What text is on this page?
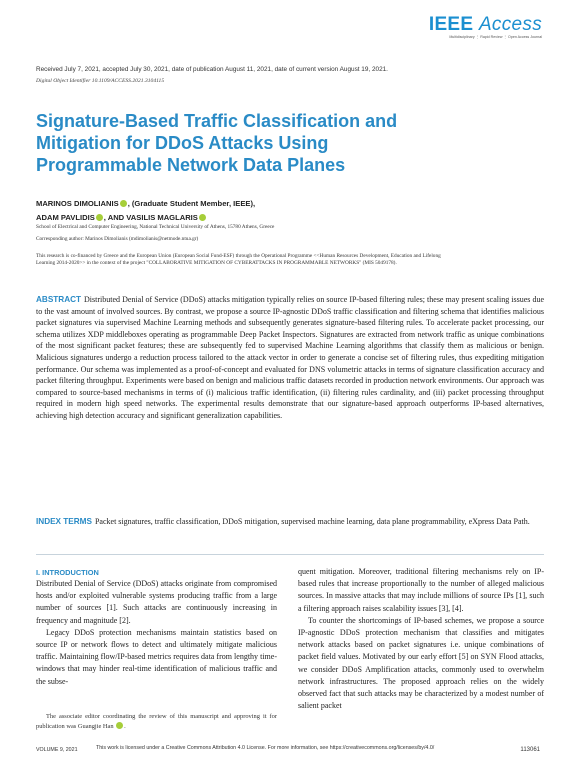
IEEE Access
Multidisciplinary ⋮ Rapid Review ⋮ Open Access Journal
Received July 7, 2021, accepted July 30, 2021, date of publication August 11, 2021, date of current version August 19, 2021.
Digital Object Identifier 10.1109/ACCESS.2021.3104115
Signature-Based Traffic Classification and Mitigation for DDoS Attacks Using Programmable Network Data Planes
MARINOS DIMOLIANIS , (Graduate Student Member, IEEE),
ADAM PAVLIDIS , AND VASILIS MAGLARIS
School of Electrical and Computer Engineering, National Technical University of Athens, 15780 Athens, Greece
Corresponding author: Marinos Dimolianis (mdimolianis@netmode.ntua.gr)
This research is co-financed by Greece and the European Union (European Social Fund-ESF) through the Operational Programme <<Human Resources Development, Education and Lifelong Learning 2014-2020>> in the context of the project "COLLABORATIVE MITIGATION OF CYBERATTACKS IN PROGRAMMABLE NETWORKS" (MIS 5049178).
ABSTRACT Distributed Denial of Service (DDoS) attacks mitigation typically relies on source IP-based filtering rules; these may present scaling issues due to the vast amount of involved sources. By contrast, we propose a source IP-agnostic DDoS traffic classification and filtering schema that identifies malicious packet signatures via supervised Machine Learning methods and subsequently generates signature-based filtering rules. To accelerate packet processing, our schema utilizes XDP middleboxes operating as programmable Deep Packet Inspectors. Signatures are extracted from network traffic as unique combinations of the most significant packet features; these are subsequently fed to supervised Machine Learning algorithms that classify them as malicious or benign. Malicious signatures undergo a reduction process tailored to the attack vector in order to generate a concise set of filtering rules, thus expediting mitigation performance. Our schema was implemented as a proof-of-concept and evaluated for DNS volumetric attacks in terms of signature classification accuracy and packet filtering throughput. Experiments were based on benign and malicious traffic datasets recorded in production network environments. Our approach was compared to source-based mechanisms in terms of (i) malicious traffic identification, (ii) filtering rules cardinality, and (iii) packet processing throughput required in modern high speed networks. The experimental results demonstrate that our signature-based approach outperforms IP-based alternatives, achieving high detection accuracy and significant generalization capabilities.
INDEX TERMS Packet signatures, traffic classification, DDoS mitigation, supervised machine learning, data plane programmability, eXpress Data Path.
I. INTRODUCTION

Distributed Denial of Service (DDoS) attacks originate from compromised hosts and/or exploited vulnerable systems producing traffic from a large number of sources [1]. Such attacks are continuously increasing in frequency and magnitude [2].

Legacy DDoS protection mechanisms maintain statistics based on source IP or network flows to detect and ultimately mitigate malicious traffic. Maintaining flow/IP-based metrics requires data from lengthy time-windows that may hinder real-time identification of malicious traffic and the subse-

The associate editor coordinating the review of this manuscript and approving it for publication was Guangjie Han .

quent mitigation. Moreover, traditional filtering mechanisms rely on IP-based rules that increase proportionally to the number of alleged malicious sources. In massive attacks that may include millions of source IPs [1], such a filtering approach raises scalability issues [3], [4].

To counter the shortcomings of IP-based schemes, we propose a source IP-agnostic DDoS protection mechanism that classifies and mitigates network attacks based on packet signatures i.e. unique combinations of packet field values. Motivated by our early effort [5] on SYN Flood attacks, we consider DDoS Amplification attacks, commonly used to overwhelm network infrastructures. The proposed approach relies on the widely observed fact that such attacks may be characterized by a modest number of salient packet

VOLUME 9, 2021	This work is licensed under a Creative Commons Attribution 4.0 License. For more information, see https://creativecommons.org/licenses/by/4.0/	113061
